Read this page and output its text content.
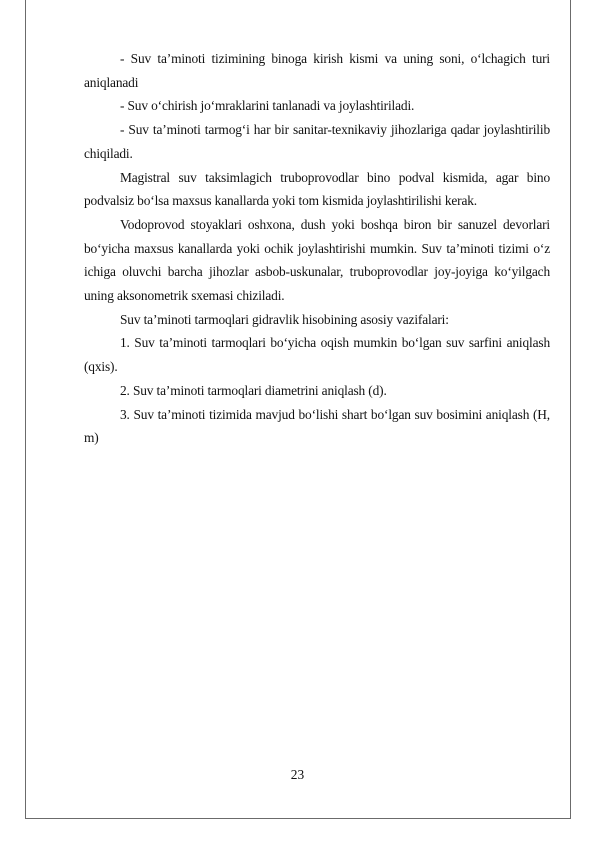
- Suv ta’minoti tizimining binoga kirish kismi va uning soni, o‘lchagich turi aniqlanadi

- Suv o‘chirish jo‘mraklarini tanlanadi va joylashtiriladi.

- Suv ta’minoti tarmog‘i har bir sanitar-texnikaviy jihozlariga qadar joylashtirilib chiqiladi.

Magistral suv taksimlagich truboprovodlar bino podval kismida, agar bino podvalsiz bo‘lsa maxsus kanallarda yoki tom kismida joylashtirilishi kerak.

Vodoprovod stoyaklari oshxona, dush yoki boshqa biron bir sanuzel devorlari bo‘yicha maxsus kanallarda yoki ochik joylashtirishi mumkin. Suv ta’minoti tizimi o‘z ichiga oluvchi barcha jihozlar asbob-uskunalar, truboprovodlar joy-joyiga ko‘yilgach uning aksonometrik sxemasi chiziladi.

Suv ta’minoti tarmoqlari gidravlik hisobining asosiy vazifalari:

1. Suv ta’minoti tarmoqlari bo‘yicha oqish mumkin bo‘lgan suv sarfini aniqlash (qxis).

2. Suv ta’minoti tarmoqlari diametrini aniqlash (d).

3. Suv ta’minoti tizimida mavjud bo‘lishi shart bo‘lgan suv bosimini aniqlash (H, m)

23
